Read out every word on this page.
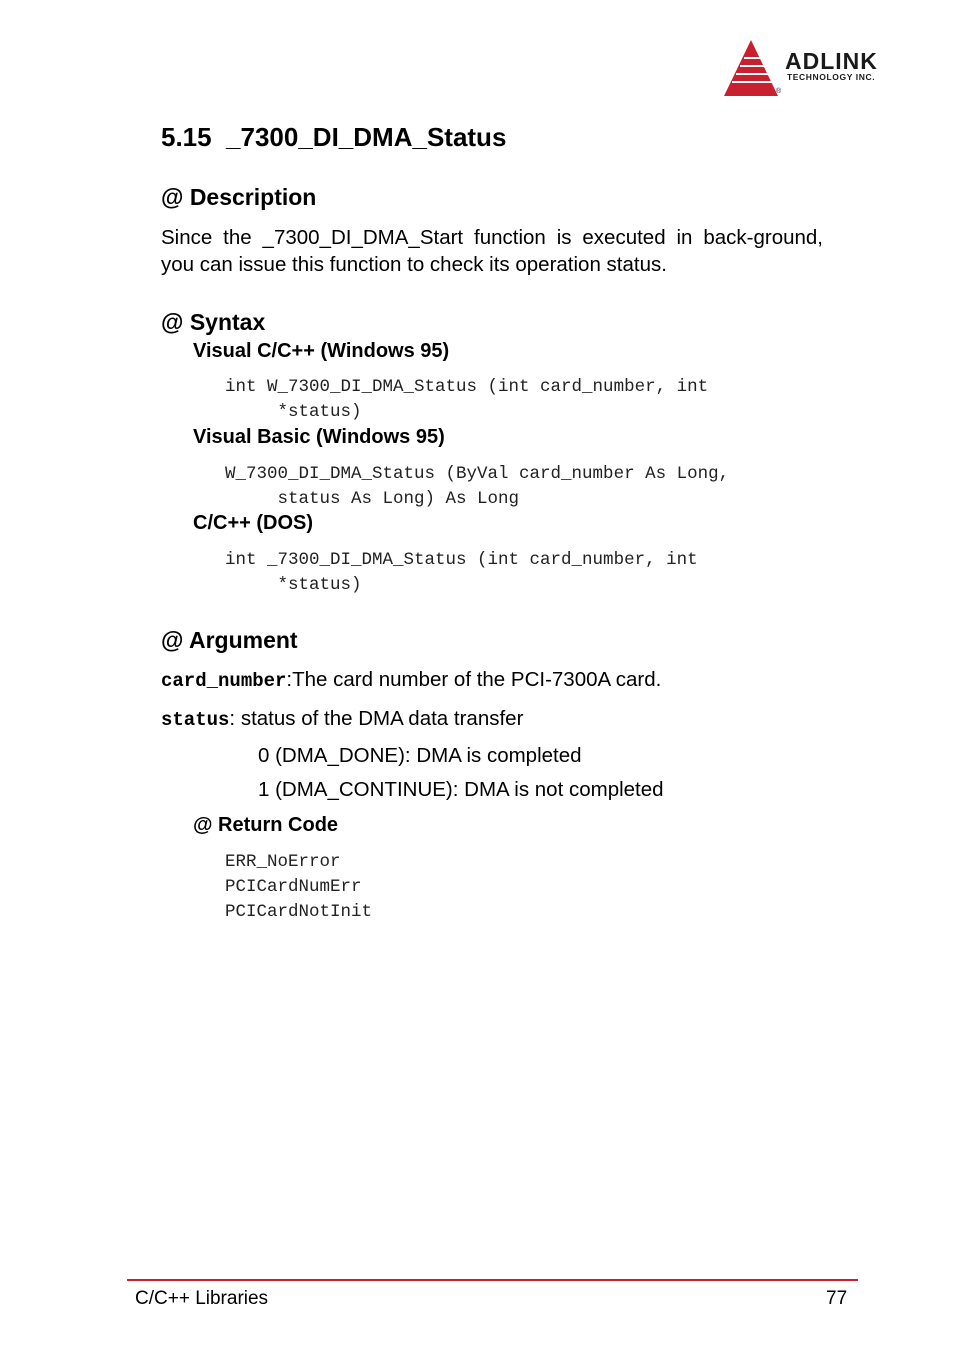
ADLINK
TECHNOLOGY INC.
®
5.15  _7300_DI_DMA_Status
@ Description
Since the _7300_DI_DMA_Start function is executed in back-ground, you can issue this function to check its operation status.
@ Syntax
Visual C/C++ (Windows 95)
int W_7300_DI_DMA_Status (int card_number, int
*status)
Visual Basic (Windows 95)
W_7300_DI_DMA_Status (ByVal card_number As Long,
status As Long) As Long
C/C++ (DOS)
int _7300_DI_DMA_Status (int card_number, int
*status)
@ Argument
card_number:The card number of the PCI-7300A card.
status: status of the DMA data transfer
0 (DMA_DONE): DMA is completed
1 (DMA_CONTINUE): DMA is not completed
@ Return Code
ERR_NoError
PCICardNumErr
PCICardNotInit
C/C++ Libraries	77
